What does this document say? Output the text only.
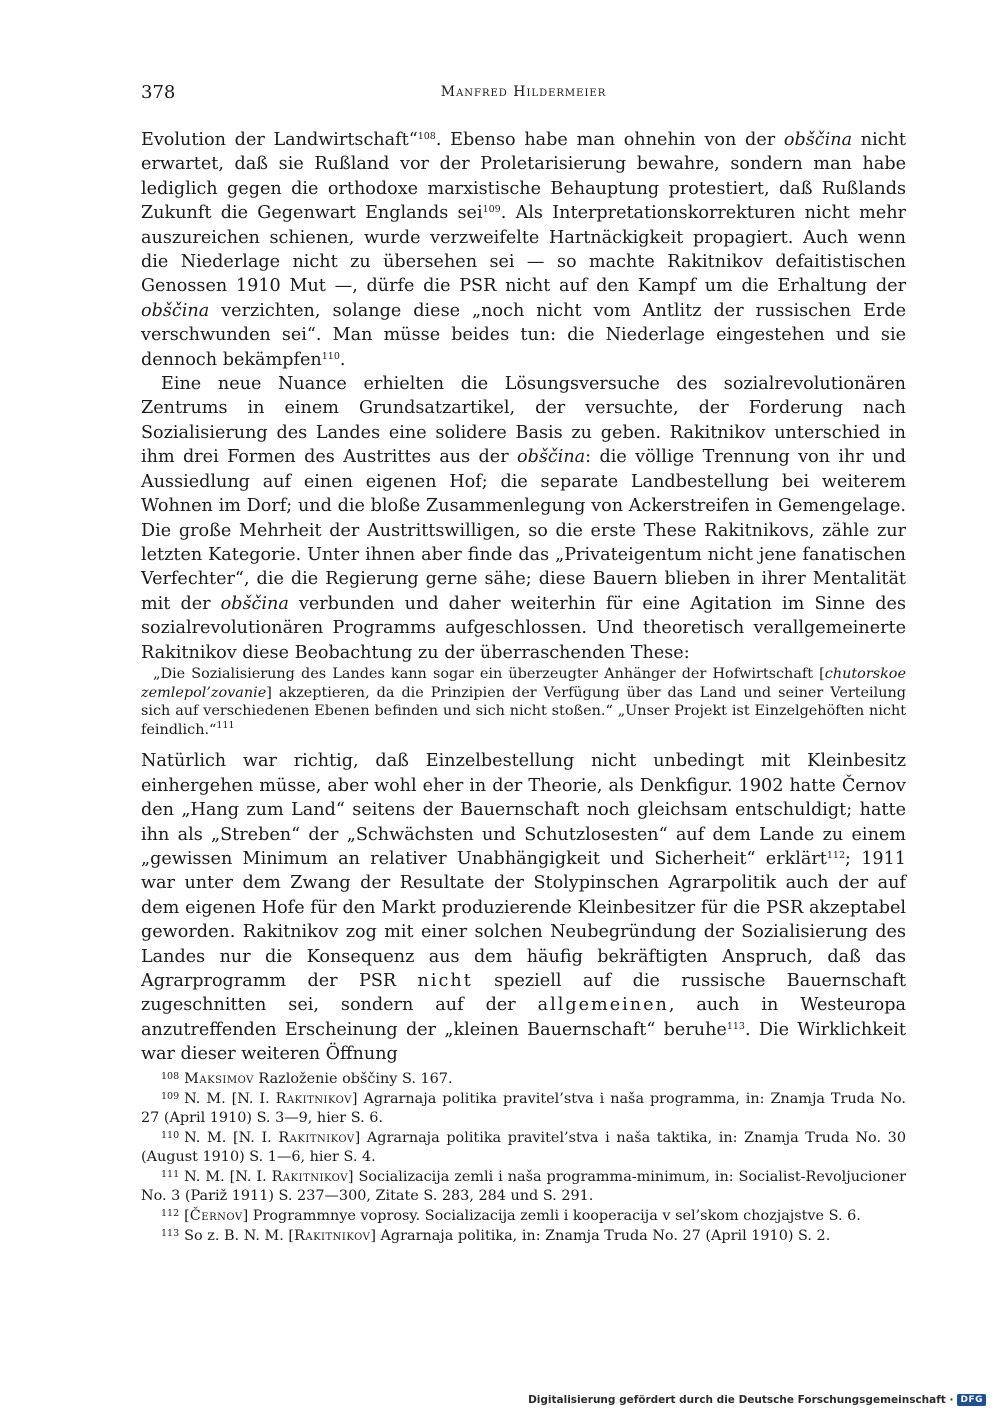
378	Manfred Hildermeier

Evolution der Landwirtschaft“$^{108}$. Ebenso habe man ohnehin von der obščina nicht erwartet, daß sie Rußland vor der Proletarisierung bewahre, sondern man habe lediglich gegen die orthodoxe marxistische Behauptung protestiert, daß Rußlands Zukunft die Gegenwart Englands sei$^{109}$. Als Interpretationskorrekturen nicht mehr auszureichen schienen, wurde verzweifelte Hartnäckigkeit propagiert. Auch wenn die Niederlage nicht zu übersehen sei — so machte Rakitnikov defaitistischen Genossen 1910 Mut —, dürfe die PSR nicht auf den Kampf um die Erhaltung der obščina verzichten, solange diese „noch nicht vom Antlitz der russischen Erde verschwunden sei“. Man müsse beides tun: die Niederlage eingestehen und sie dennoch bekämpfen$^{110}$.

Eine neue Nuance erhielten die Lösungsversuche des sozialrevolutionären Zentrums in einem Grundsatzartikel, der versuchte, der Forderung nach Sozialisierung des Landes eine solidere Basis zu geben. Rakitnikov unterschied in ihm drei Formen des Austrittes aus der obščina: die völlige Trennung von ihr und Aussiedlung auf einen eigenen Hof; die separate Landbestellung bei weiterem Wohnen im Dorf; und die bloße Zusammenlegung von Ackerstreifen in Gemengelage. Die große Mehrheit der Austrittswilligen, so die erste These Rakitnikovs, zähle zur letzten Kategorie. Unter ihnen aber finde das „Privateigentum nicht jene fanatischen Verfechter“, die die Regierung gerne sähe; diese Bauern blieben in ihrer Mentalität mit der obščina verbunden und daher weiterhin für eine Agitation im Sinne des sozialrevolutionären Programms aufgeschlossen. Und theoretisch verallgemeinerte Rakitnikov diese Beobachtung zu der überraschenden These:

„Die Sozialisierung des Landes kann sogar ein überzeugter Anhänger der Hofwirtschaft [chutorskoe zemlepol’zovanie] akzeptieren, da die Prinzipien der Verfügung über das Land und seiner Verteilung sich auf verschiedenen Ebenen befinden und sich nicht stoßen.“ „Unser Projekt ist Einzelgehöften nicht feindlich.“$^{111}$

Natürlich war richtig, daß Einzelbestellung nicht unbedingt mit Kleinbesitz einhergehen müsse, aber wohl eher in der Theorie, als Denkfigur. 1902 hatte Černov den „Hang zum Land“ seitens der Bauernschaft noch gleichsam entschuldigt; hatte ihn als „Streben“ der „Schwächsten und Schutzlosesten“ auf dem Lande zu einem „gewissen Minimum an relativer Unabhängigkeit und Sicherheit“ erklärt$^{112}$; 1911 war unter dem Zwang der Resultate der Stolypinschen Agrarpolitik auch der auf dem eigenen Hofe für den Markt produzierende Kleinbesitzer für die PSR akzeptabel geworden. Rakitnikov zog mit einer solchen Neubegründung der Sozialisierung des Landes nur die Konsequenz aus dem häufig bekräftigten Anspruch, daß das Agrarprogramm der PSR nicht speziell auf die russische Bauernschaft zugeschnitten sei, sondern auf der allgemeinen, auch in Westeuropa anzutreffenden Erscheinung der „kleinen Bauernschaft“ beruhe$^{113}$. Die Wirklichkeit war dieser weiteren Öffnung

$^{108}$ Maksimov Razloženie obščiny S. 167.

$^{109}$ N. M. [N. I. Rakitnikov] Agrarnaja politika pravitel’stva i naša programma, in: Znamja Truda No. 27 (April 1910) S. 3—9, hier S. 6.

$^{110}$ N. M. [N. I. Rakitnikov] Agrarnaja politika pravitel’stva i naša taktika, in: Znamja Truda No. 30 (August 1910) S. 1—6, hier S. 4.

$^{111}$ N. M. [N. I. Rakitnikov] Socializacija zemli i naša programma-minimum, in: Socialist-Revoljucioner No. 3 (Pariž 1911) S. 237—300, Zitate S. 283, 284 und S. 291.

$^{112}$ [Černov] Programmnye voprosy. Socializacija zemli i kooperacija v sel’skom chozjajstve S. 6.

$^{113}$ So z. B. N. M. [Rakitnikov] Agrarnaja politika, in: Znamja Truda No. 27 (April 1910) S. 2.

Digitalisierung gefördert durch die Deutsche Forschungsgemeinschaft · DFG
